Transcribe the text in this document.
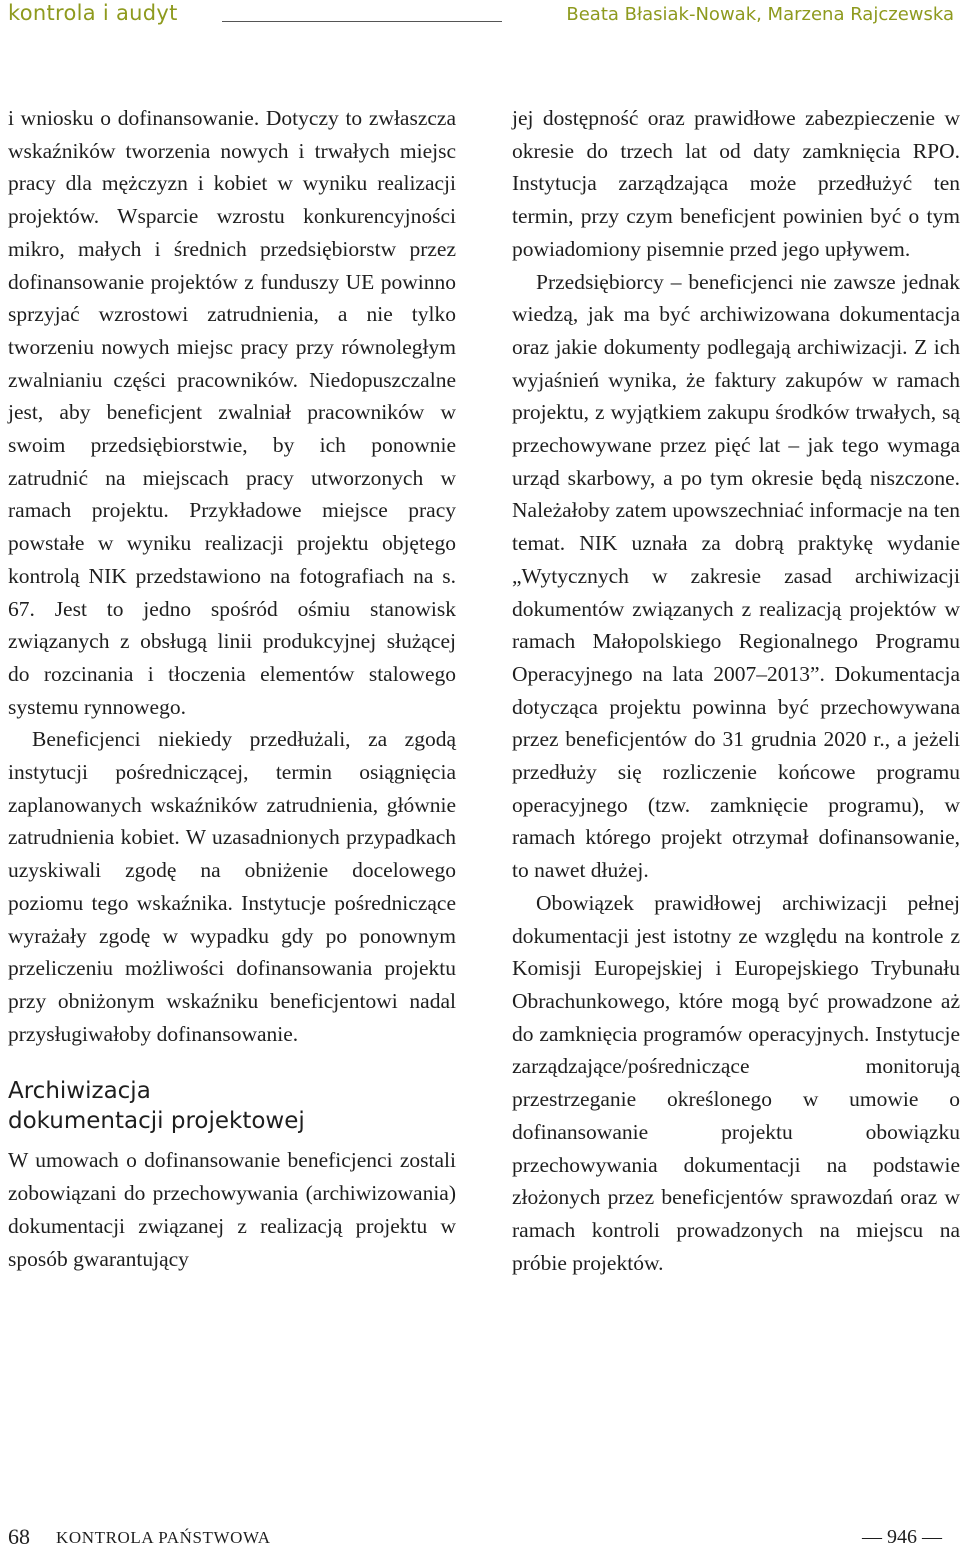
kontrola i audyt	Beata Błasiak-Nowak, Marzena Rajczewska

i wniosku o dofinansowanie. Dotyczy to zwłaszcza wskaźników tworzenia nowych i trwałych miejsc pracy dla mężczyzn i kobiet w wyniku realizacji projektów. Wsparcie wzrostu konkurencyjności mikro, małych i średnich przedsiębiorstw przez dofinansowanie projektów z funduszy UE powinno sprzyjać wzrostowi zatrudnienia, a nie tylko tworzeniu nowych miejsc pracy przy równoległym zwalnianiu części pracowników. Niedopuszczalne jest, aby beneficjent zwalniał pracowników w swoim przedsiębiorstwie, by ich ponownie zatrudnić na miejscach pracy utworzonych w ramach projektu. Przykładowe miejsce pracy powstałe w wyniku realizacji projektu objętego kontrolą NIK przedstawiono na fotografiach na s. 67. Jest to jedno spośród ośmiu stanowisk związanych z obsługą linii produkcyjnej służącej do rozcinania i tłoczenia elementów stalowego systemu rynnowego.

Beneficjenci niekiedy przedłużali, za zgodą instytucji pośredniczącej, termin osiągnięcia zaplanowanych wskaźników zatrudnienia, głównie zatrudnienia kobiet. W uzasadnionych przypadkach uzyskiwali zgodę na obniżenie docelowego poziomu tego wskaźnika. Instytucje pośredniczące wyrażały zgodę w wypadku gdy po ponownym przeliczeniu możliwości dofinansowania projektu przy obniżonym wskaźniku beneficjentowi nadal przysługiwałoby dofinansowanie.

Archiwizacja
dokumentacji projektowej

W umowach o dofinansowanie beneficjenci zostali zobowiązani do przechowywania (archiwizowania) dokumentacji związanej z realizacją projektu w sposób gwarantujący

jej dostępność oraz prawidłowe zabezpieczenie w okresie do trzech lat od daty zamknięcia RPO. Instytucja zarządzająca może przedłużyć ten termin, przy czym beneficjent powinien być o tym powiadomiony pisemnie przed jego upływem.

Przedsiębiorcy – beneficjenci nie zawsze jednak wiedzą, jak ma być archiwizowana dokumentacja oraz jakie dokumenty podlegają archiwizacji. Z ich wyjaśnień wynika, że faktury zakupów w ramach projektu, z wyjątkiem zakupu środków trwałych, są przechowywane przez pięć lat – jak tego wymaga urząd skarbowy, a po tym okresie będą niszczone. Należałoby zatem upowszechniać informacje na ten temat. NIK uznała za dobrą praktykę wydanie „Wytycznych w zakresie zasad archiwizacji dokumentów związanych z realizacją projektów w ramach Małopolskiego Regionalnego Programu Operacyjnego na lata 2007–2013”. Dokumentacja dotycząca projektu powinna być przechowywana przez beneficjentów do 31 grudnia 2020 r., a jeżeli przedłuży się rozliczenie końcowe programu operacyjnego (tzw. zamknięcie programu), w ramach którego projekt otrzymał dofinansowanie, to nawet dłużej.

Obowiązek prawidłowej archiwizacji pełnej dokumentacji jest istotny ze względu na kontrole z Komisji Europejskiej i Europejskiego Trybunału Obrachunkowego, które mogą być prowadzone aż do zamknięcia programów operacyjnych. Instytucje zarządzające/pośredniczące monitorują przestrzeganie określonego w umowie o dofinansowanie projektu obowiązku przechowywania dokumentacji na podstawie złożonych przez beneficjentów sprawozdań oraz w ramach kontroli prowadzonych na miejscu na próbie projektów.

68 KONTROLA PAŃSTWOWA	— 946 —
